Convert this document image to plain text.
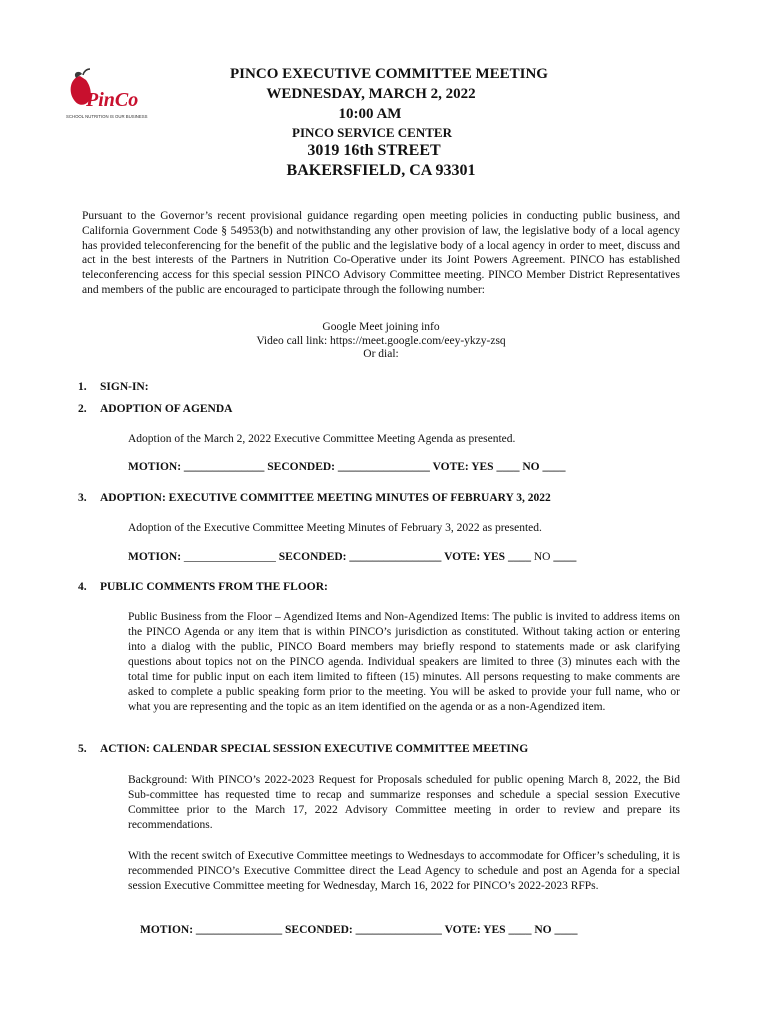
PinCo
SCHOOL NUTRITION IS OUR BUSINESS
PINCO EXECUTIVE COMMITTEE MEETING
WEDNESDAY, MARCH 2, 2022
10:00 AM
PINCO SERVICE CENTER
3019 16th STREET
BAKERSFIELD, CA 93301
Pursuant to the Governor’s recent provisional guidance regarding open meeting policies in conducting public business, and California Government Code § 54953(b) and notwithstanding any other provision of law, the legislative body of a local agency has provided teleconferencing for the benefit of the public and the legislative body of a local agency in order to meet, discuss and act in the best interests of the Partners in Nutrition Co-Operative under its Joint Powers Agreement. PINCO has established teleconferencing access for this special session PINCO Advisory Committee meeting. PINCO Member District Representatives and members of the public are encouraged to participate through the following number:
Google Meet joining info
Video call link: https://meet.google.com/eey-ykzy-zsq
Or dial:
1. SIGN-IN:
2. ADOPTION OF AGENDA
Adoption of the March 2, 2022 Executive Committee Meeting Agenda as presented.
MOTION: ______________ SECONDED: ________________ VOTE: YES ____ NO ____
3. ADOPTION: EXECUTIVE COMMITTEE MEETING MINUTES OF FEBRUARY 3, 2022
Adoption of the Executive Committee Meeting Minutes of February 3, 2022 as presented.
MOTION: ________________ SECONDED: ________________ VOTE: YES ____ NO ____
4. PUBLIC COMMENTS FROM THE FLOOR:
Public Business from the Floor – Agendized Items and Non-Agendized Items: The public is invited to address items on the PINCO Agenda or any item that is within PINCO’s jurisdiction as constituted. Without taking action or entering into a dialog with the public, PINCO Board members may briefly respond to statements made or ask clarifying questions about topics not on the PINCO agenda. Individual speakers are limited to three (3) minutes each with the total time for public input on each item limited to fifteen (15) minutes. All persons requesting to make comments are asked to complete a public speaking form prior to the meeting. You will be asked to provide your full name, who or what you are representing and the topic as an item identified on the agenda or as a non-Agendized item.
5. ACTION: CALENDAR SPECIAL SESSION EXECUTIVE COMMITTEE MEETING
Background: With PINCO’s 2022-2023 Request for Proposals scheduled for public opening March 8, 2022, the Bid Sub-committee has requested time to recap and summarize responses and schedule a special session Executive Committee prior to the March 17, 2022 Advisory Committee meeting in order to review and prepare its recommendations.
With the recent switch of Executive Committee meetings to Wednesdays to accommodate for Officer’s scheduling, it is recommended PINCO’s Executive Committee direct the Lead Agency to schedule and post an Agenda for a special session Executive Committee meeting for Wednesday, March 16, 2022 for PINCO’s 2022-2023 RFPs.
MOTION: _______________ SECONDED: _______________ VOTE: YES ____ NO ____
